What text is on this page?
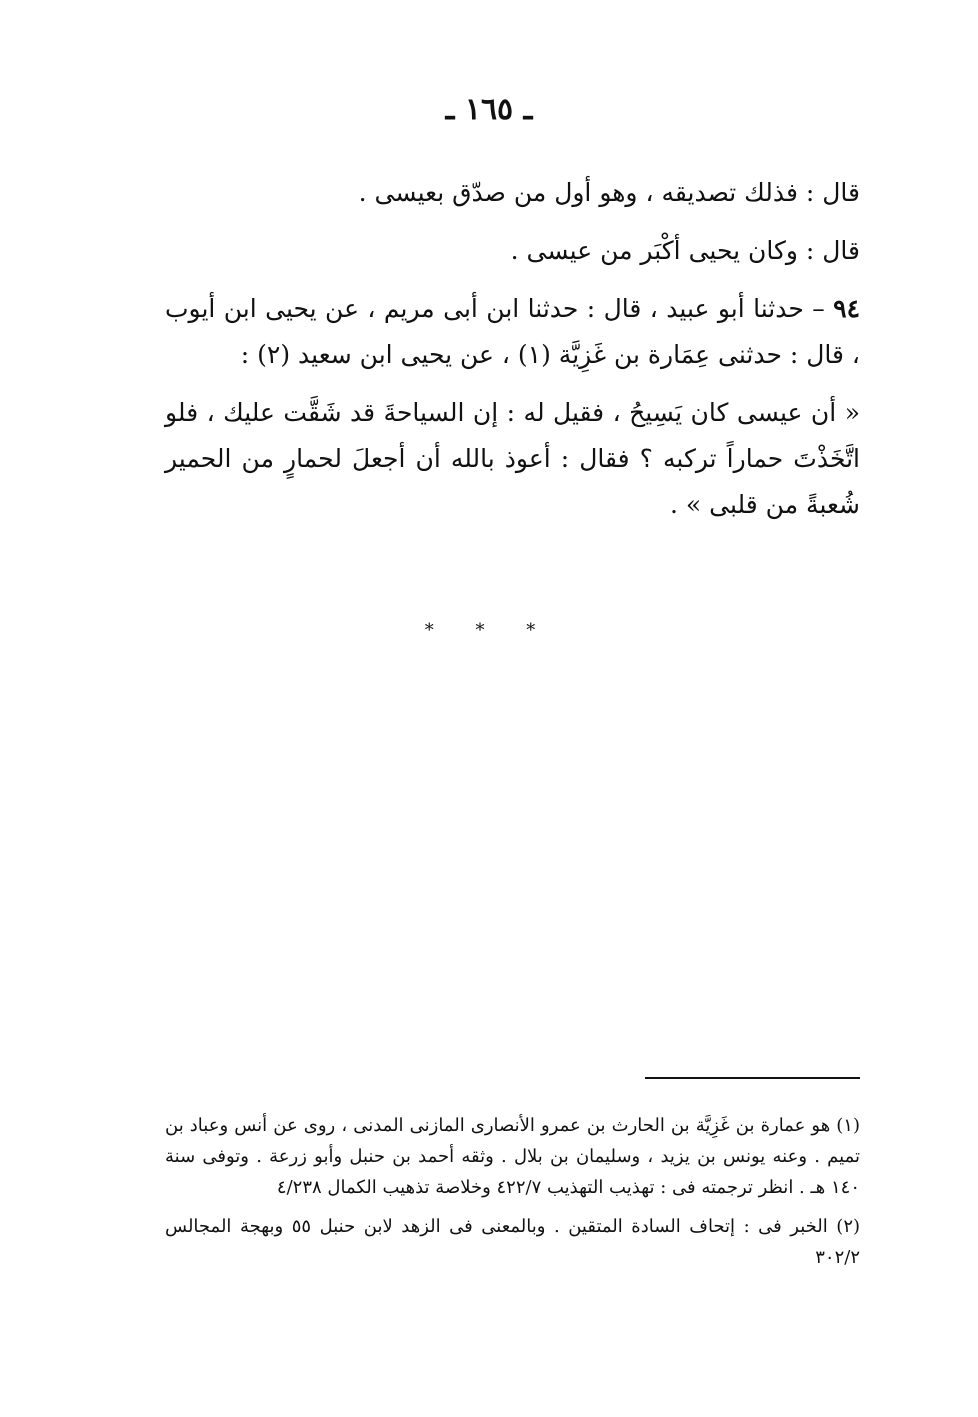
ـ ١٦٥ ـ

قال : فذلك تصديقه ، وهو أول من صدّق بعيسى .

قال : وكان يحيى أكْبَر من عيسى .

٩٤ – حدثنا أبو عبيد ، قال : حدثنا ابن أبى مريم ، عن يحيى ابن أيوب ، قال : حدثنى عِمَارة بن غَزِيَّة (١) ، عن يحيى ابن سعيد (٢) :

« أن عيسى كان يَسِيحُ ، فقيل له : إن السياحةَ قد شَقَّت عليك ، فلو اتَّخَذْتَ حماراً تركبه ؟ فقال : أعوذ بالله أن أجعلَ لحمارٍ من الحمير شُعبةً من قلبى » .

* * *

(١) هو عمارة بن غَزِيَّة بن الحارث بن عمرو الأنصارى المازنى المدنى ، روى عن أنس وعباد بن تميم . وعنه يونس بن يزيد ، وسليمان بن بلال . وثقه أحمد بن حنبل وأبو زرعة . وتوفى سنة ١٤٠ هـ . انظر ترجمته فى : تهذيب التهذيب ٤٢٢/٧ وخلاصة تذهيب الكمال ٤/٢٣٨

(٢) الخبر فى : إتحاف السادة المتقين . وبالمعنى فى الزهد لابن حنبل ٥٥ وبهجة المجالس ٣٠٢/٢
